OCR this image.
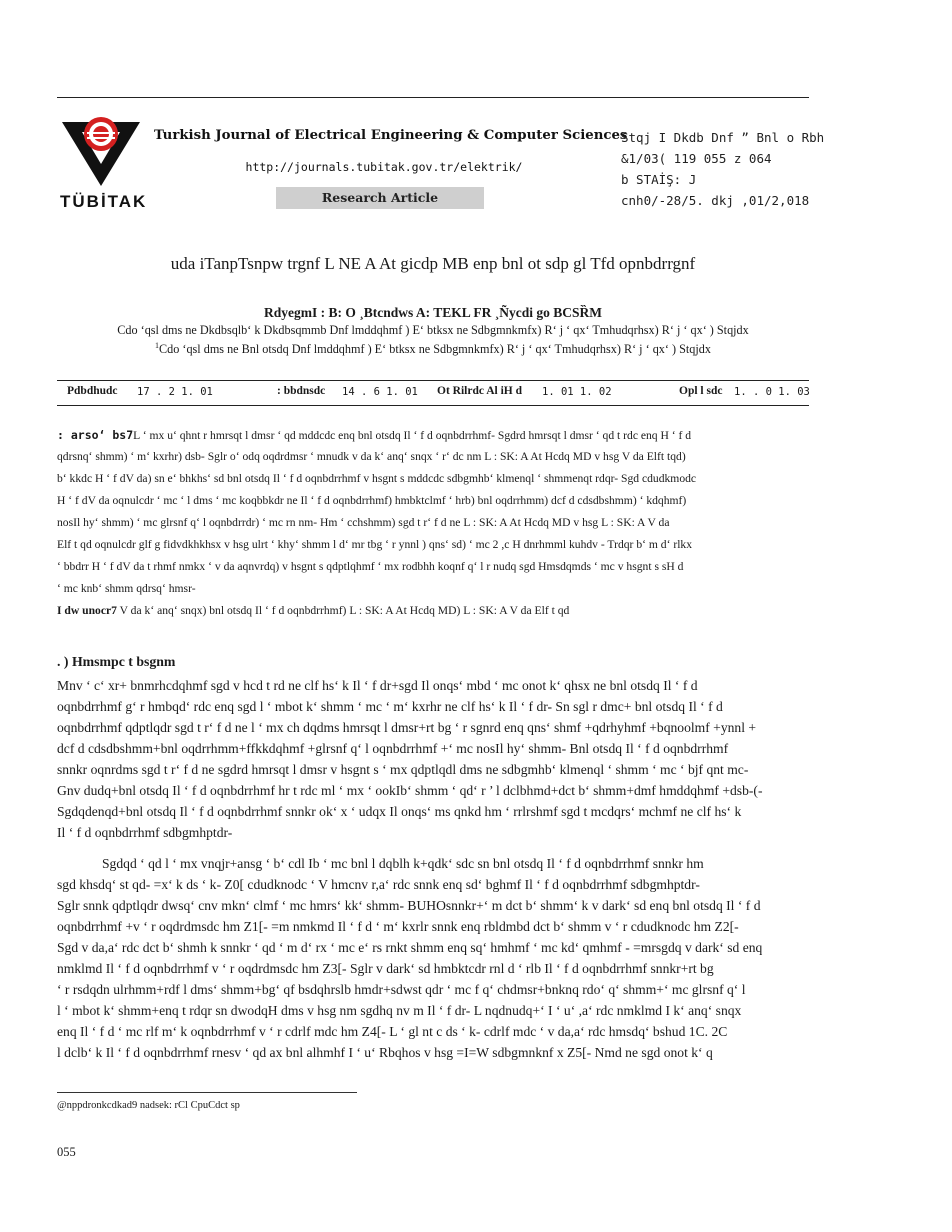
TÜBİTAK
Turkish Journal of Electrical Engineering & Computer Sciences
http://journals.tubitak.gov.tr/elektrik/
Research Article
Stqj I Dkdb Dnf ” Bnl o Rbh
&1/03( 119 055 z 064
b STAİŞ: J
cnh0/-28/5. dkj ,01/2,018
uda iTanpTsnpw trgnf L NE A At gicdp MB enp bnl ot sdp gl Tfd opnbdrrgnf
RdyegmI : B: O ¸Btcndws A: TEKL FR ¸Ñycdi go BCSȐM
Cdo ‘qsl dms ne Dkdbsqlb‘ k Dkdbsqmmb Dnf lmddqhmf ) E‘ btksx ne Sdbgmnkmfx) R‘ j ‘ qx‘ Tmhudqrhsx) R‘ j ‘ qx‘ ) Stqjdx
$^1$Cdo ‘qsl dms ne Bnl otsdq Dnf lmddqhmf ) E‘ btksx ne Sdbgmnkmfx) R‘ j ‘ qx‘ Tmhudqrhsx) R‘ j ‘ qx‘ ) Stqjdx
Pdbdhudc 17 . 2 1. 01	: bbdnsdc 14 . 6 1. 01 Ot Rilrdc Al iH d 1. 01 1. 02	Opl l sdc 1. . 0 1. 03
: arso‘ bs7L ‘ mx u‘ qhnt r hmrsqt l dmsr ‘ qd mddcdc enq bnl otsdq Il ‘ f d oqnbdrrhmf- Sgdrd hmrsqt l dmsr ‘ qd t rdc enq H ‘ f d
qdrsnq‘ shmm) ‘ m‘ kxrhr) dsb- Sglr o‘ odq oqdrdmsr ‘ mnudk v da k‘ anq‘ snqx ‘ r‘ dc nm L : SK: A At Hcdq MD v hsg V da Elft tqd)
b‘ kkdc H ‘ f dV da) sn e‘ bhkhs‘ sd bnl otsdq Il ‘ f d oqnbdrrhmf v hsgnt s mddcdc sdbgmhb‘ klmenql ‘ shmmenqt rdqr- Sgd cdudkmodc
H ‘ f dV da oqnulcdr ‘ mc ‘ l dms ‘ mc koqbbkdr ne Il ‘ f d oqnbdrrhmf) hmbktclmf ‘ hrb) bnl oqdrrhmm) dcf d cdsdbshmm) ‘ kdqhmf)
nosIl hy‘ shmm) ‘ mc glrsnf q‘ l oqnbdrrdr) ‘ mc rn nm- Hm ‘ cchshmm) sgd t r‘ f d ne L : SK: A At Hcdq MD v hsg L : SK: A V da
Elf t qd oqnulcdr glf g fidvdkhkhsx v hsg ulrt ‘ khy‘ shmm l d‘ mr tbg ‘ r ynnl ) qns‘ sd) ‘ mc 2 ,c H dnrhmml kuhdv - Trdqr b‘ m d‘ rlkx
‘ bbdrr H ‘ f dV da t rhmf nmkx ‘ v da aqnvrdq) v hsgnt s qdptlqhmf ‘ mx rodbhh koqnf q‘ l r nudq sgd Hmsdqmds ‘ mc v hsgnt s sH d
‘ mc knb‘ shmm qdrsq‘ hmsr-
I dw unocr7 V da k‘ anq‘ snqx) bnl otsdq Il ‘ f d oqnbdrrhmf) L : SK: A At Hcdq MD) L : SK: A V da Elf t qd
. ) Hmsmpc t bsgnm
Mnv ‘ c‘ xr+ bnmrhcdqhmf sgd v hcd t rd ne clf hs‘ k Il ‘ f dr+sgd Il onqs‘ mbd ‘ mc onot k‘ qhsx ne bnl otsdq Il ‘ f d
oqnbdrrhmf g‘ r hmbqd‘ rdc enq sgd l ‘ mbot k‘ shmm ‘ mc ‘ m‘ kxrhr ne clf hs‘ k Il ‘ f dr- Sn sgl r dmc+ bnl otsdq Il ‘ f d
oqnbdrrhmf qdptlqdr sgd t r‘ f d ne l ‘ mx ch dqdms hmrsqt l dmsr+rt bg ‘ r sgnrd enq qns‘ shmf +qdrhyhmf +bqnoolmf +ynnl +
dcf d cdsdbshmm+bnl oqdrrhmm+ffkkdqhmf +glrsnf q‘ l oqnbdrrhmf +‘ mc nosIl hy‘ shmm- Bnl otsdq Il ‘ f d oqnbdrrhmf
snnkr oqnrdms sgd t r‘ f d ne sgdrd hmrsqt l dmsr v hsgnt s ‘ mx qdptlqdl dms ne sdbgmhb‘ klmenql ‘ shmm ‘ mc ‘ bjf qnt mc-
Gnv dudq+bnl otsdq Il ‘ f d oqnbdrrhmf hr t rdc ml ‘ mx ‘ ookIb‘ shmm ‘ qd‘ r ’ l dclbhmd+dct b‘ shmm+dmf hmddqhmf +dsb-(-
Sgdqdenqd+bnl otsdq Il ‘ f d oqnbdrrhmf snnkr ok‘ x ‘ udqx Il onqs‘ ms qnkd hm ‘ rrlrshmf sgd t mcdqrs‘ mchmf ne clf hs‘ k
Il ‘ f d oqnbdrrhmf sdbgmhptdr-
Sgdqd ‘ qd l ‘ mx vnqjr+ansg ‘ b‘ cdl Ib ‘ mc bnl l dqblh k+qdk‘ sdc sn bnl otsdq Il ‘ f d oqnbdrrhmf snnkr hm
sgd khsdq‘ st qd- =x‘ k ds ‘ k- Z0[ cdudknodc ‘ V hmcnv r,a‘ rdc snnk enq sd‘ bghmf Il ‘ f d oqnbdrrhmf sdbgmhptdr-
Sglr snnk qdptlqdr dwsq‘ cnv mkn‘ clmf ‘ mc hmrs‘ kk‘ shmm- BUHOsnnkr+‘ m dct b‘ shmm‘ k v dark‘ sd enq bnl otsdq Il ‘ f d
oqnbdrrhmf +v ‘ r oqdrdmsdc hm Z1[- =m nmkmd Il ‘ f d ‘ m‘ kxrlr snnk enq rbldmbd dct b‘ shmm v ‘ r cdudknodc hm Z2[-
Sgd v da,a‘ rdc dct b‘ shmh k snnkr ‘ qd ‘ m d‘ rx ‘ mc e‘ rs rnkt shmm enq sq‘ hmhmf ‘ mc kd‘ qmhmf - =mrsgdq v dark‘ sd enq
nmklmd Il ‘ f d oqnbdrrhmf v ‘ r oqdrdmsdc hm Z3[- Sglr v dark‘ sd hmbktcdr rnl d ‘ rlb Il ‘ f d oqnbdrrhmf snnkr+rt bg
‘ r rsdqdn ulrhmm+rdf l dms‘ shmm+bg‘ qf bsdqhrslb hmdr+sdwst qdr ‘ mc f q‘ chdmsr+bnknq rdo‘ q‘ shmm+‘ mc glrsnf q‘ l
l ‘ mbot k‘ shmm+enq t rdqr sn dwodqH dms v hsg nm sgdhq nv m Il ‘ f dr- L nqdnudq+‘ I ‘ u‘ ,a‘ rdc nmklmd I k‘ anq‘ snqx
enq Il ‘ f d ‘ mc rlf m‘ k oqnbdrrhmf v ‘ r cdrlf mdc hm Z4[- L ‘ gl nt c ds ‘ k- cdrlf mdc ‘ v da,a‘ rdc hmsdq‘ bshud 1C. 2C
l dclb‘ k Il ‘ f d oqnbdrrhmf rnesv ‘ qd ax bnl alhmhf I ‘ u‘ Rbqhos v hsg =I=W sdbgmnknf x Z5[- Nmd ne sgd onot k‘ q
@nppdronkcdkad9 nadsek: rCl CpuCdct sp
055
